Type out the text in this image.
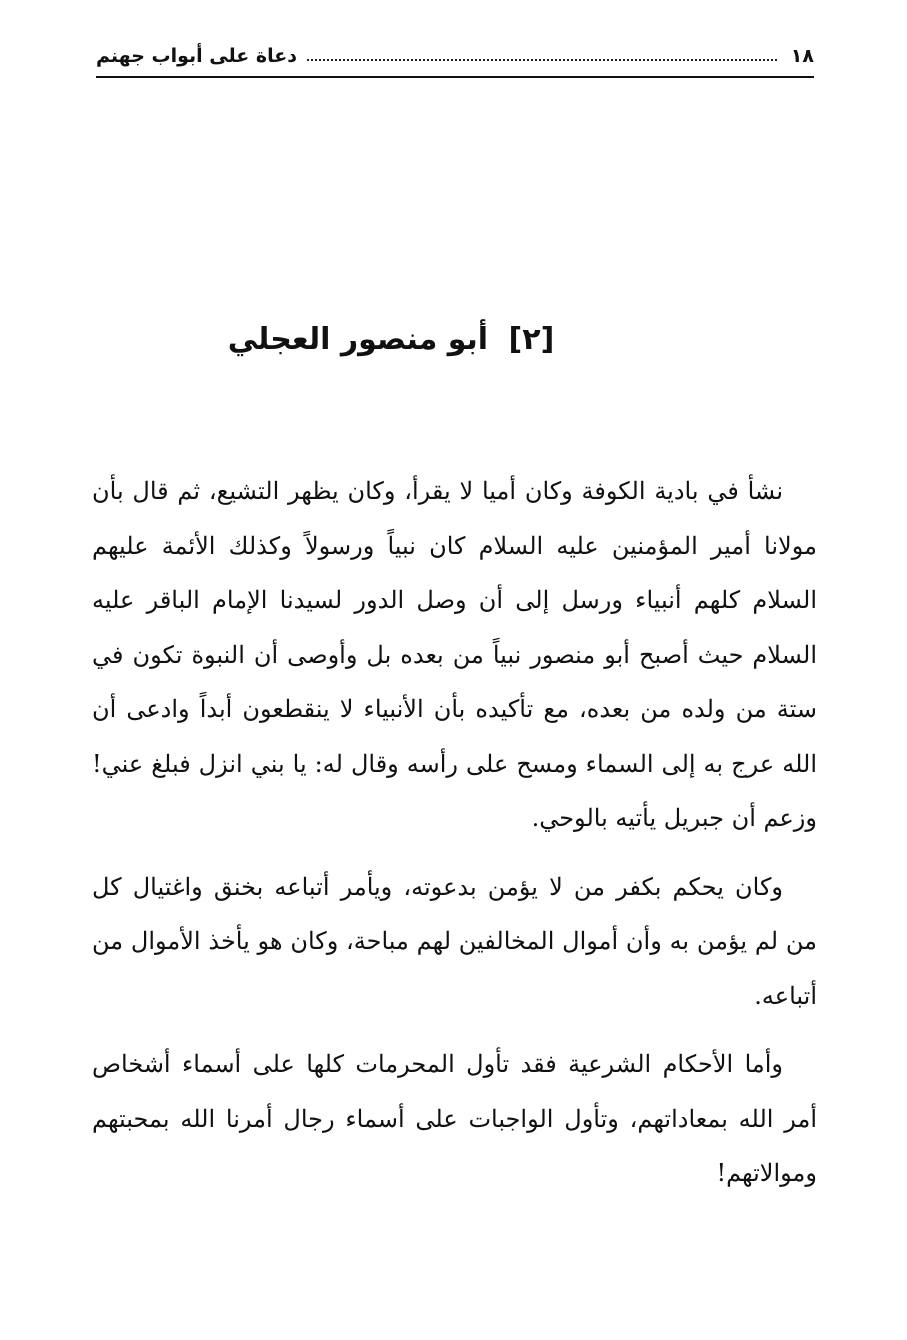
١٨
دعاة على أبواب جهنم
[٢] أبو منصور العجلي

نشأ في بادية الكوفة وكان أميا لا يقرأ، وكان يظهر التشيع، ثم قال بأن مولانا أمير المؤمنين عليه السلام كان نبياً ورسولاً وكذلك الأئمة عليهم السلام كلهم أنبياء ورسل إلى أن وصل الدور لسيدنا الإمام الباقر عليه السلام حيث أصبح أبو منصور نبياً من بعده بل وأوصى أن النبوة تكون في ستة من ولده من بعده، مع تأكيده بأن الأنبياء لا ينقطعون أبداً وادعى أن الله عرج به إلى السماء ومسح على رأسه وقال له: يا بني انزل فبلغ عني! وزعم أن جبريل يأتيه بالوحي.

وكان يحكم بكفر من لا يؤمن بدعوته، ويأمر أتباعه بخنق واغتيال كل من لم يؤمن به وأن أموال المخالفين لهم مباحة، وكان هو يأخذ الأموال من أتباعه.

وأما الأحكام الشرعية فقد تأول المحرمات كلها على أسماء أشخاص أمر الله بمعاداتهم، وتأول الواجبات على أسماء رجال أمرنا الله بمحبتهم وموالاتهم!
